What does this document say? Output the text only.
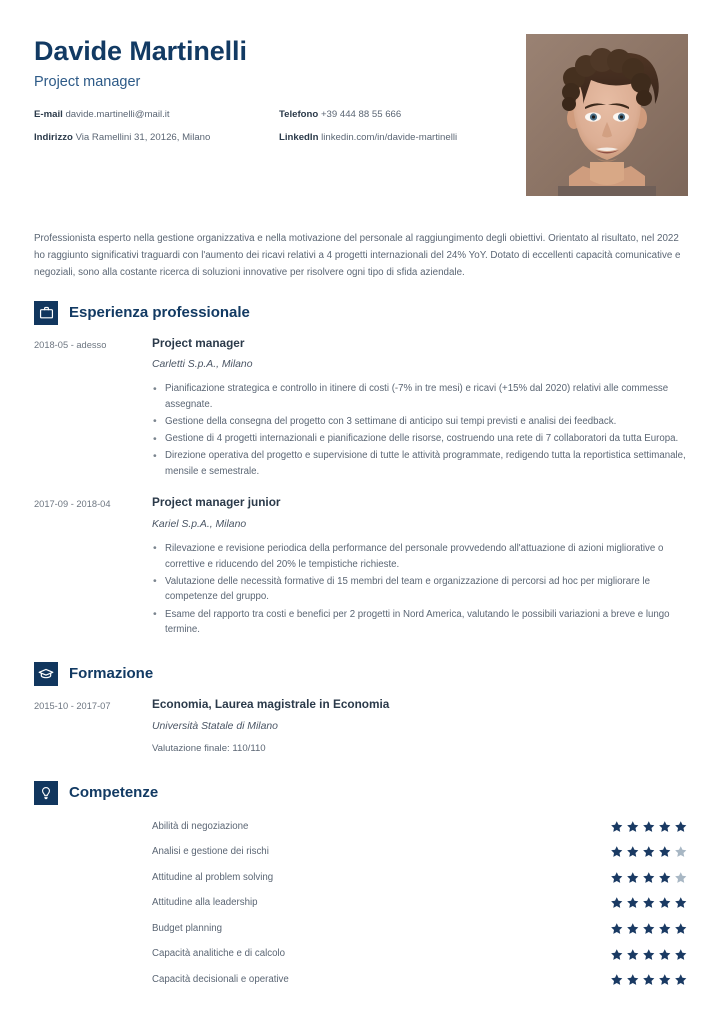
Davide Martinelli
Project manager
E-mail davide.martinelli@mail.it	Telefono +39 444 88 55 666
Indirizzo Via Ramellini 31, 20126, Milano	LinkedIn linkedin.com/in/davide-martinelli
Professionista esperto nella gestione organizzativa e nella motivazione del personale al raggiungimento degli obiettivi. Orientato al risultato, nel 2022 ho raggiunto significativi traguardi con l'aumento dei ricavi relativi a 4 progetti internazionali del 24% YoY. Dotato di eccellenti capacità comunicative e negoziali, sono alla costante ricerca di soluzioni innovative per risolvere ogni tipo di sfida aziendale.
Esperienza professionale
2018-05 - adesso	Project manager
Carletti S.p.A., Milano
• Pianificazione strategica e controllo in itinere di costi (-7% in tre mesi) e ricavi (+15% dal 2020) relativi alle commesse assegnate.
• Gestione della consegna del progetto con 3 settimane di anticipo sui tempi previsti e analisi dei feedback.
• Gestione di 4 progetti internazionali e pianificazione delle risorse, costruendo una rete di 7 collaboratori da tutta Europa.
• Direzione operativa del progetto e supervisione di tutte le attività programmate, redigendo tutta la reportistica settimanale, mensile e semestrale.
2017-09 - 2018-04	Project manager junior
Kariel S.p.A., Milano
• Rilevazione e revisione periodica della performance del personale provvedendo all'attuazione di azioni migliorative o correttive e riducendo del 20% le tempistiche richieste.
• Valutazione delle necessità formative di 15 membri del team e organizzazione di percorsi ad hoc per migliorare le competenze del gruppo.
• Esame del rapporto tra costi e benefici per 2 progetti in Nord America, valutando le possibili variazioni a breve e lungo termine.
Formazione
2015-10 - 2017-07	Economia, Laurea magistrale in Economia
Università Statale di Milano
Valutazione finale: 110/110
Competenze
Abilità di negoziazione
Analisi e gestione dei rischi
Attitudine al problem solving
Attitudine alla leadership
Budget planning
Capacità analitiche e di calcolo
Capacità decisionali e operative
